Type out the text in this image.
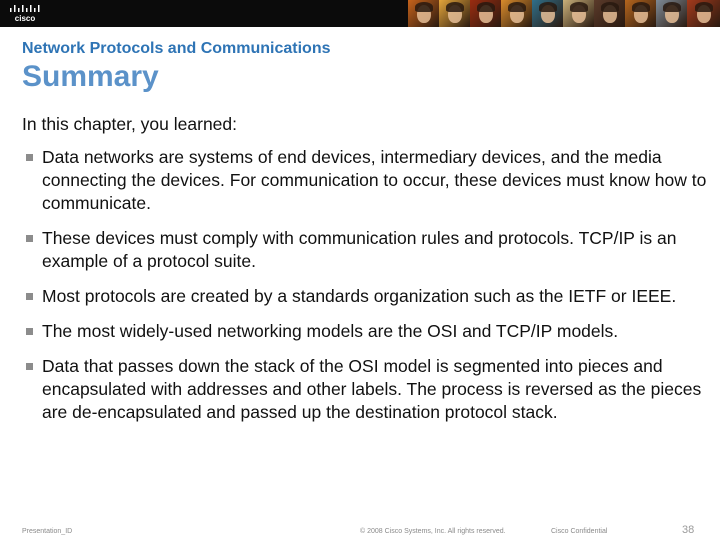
cisco
Network Protocols and Communications
Summary
In this chapter, you learned:
Data networks are systems of end devices, intermediary devices, and the media connecting the devices. For communication to occur, these devices must know how to communicate.
These devices must comply with communication rules and protocols. TCP/IP is an example of a protocol suite.
Most protocols are created by a standards organization such as the IETF or IEEE.
The most widely-used networking models are the OSI and TCP/IP models.
Data that passes down the stack of the OSI model is segmented into pieces and encapsulated with addresses and other labels. The process is reversed as the pieces are de-encapsulated and passed up the destination protocol stack.
Presentation_ID	© 2008 Cisco Systems, Inc. All rights reserved.	Cisco Confidential	38
